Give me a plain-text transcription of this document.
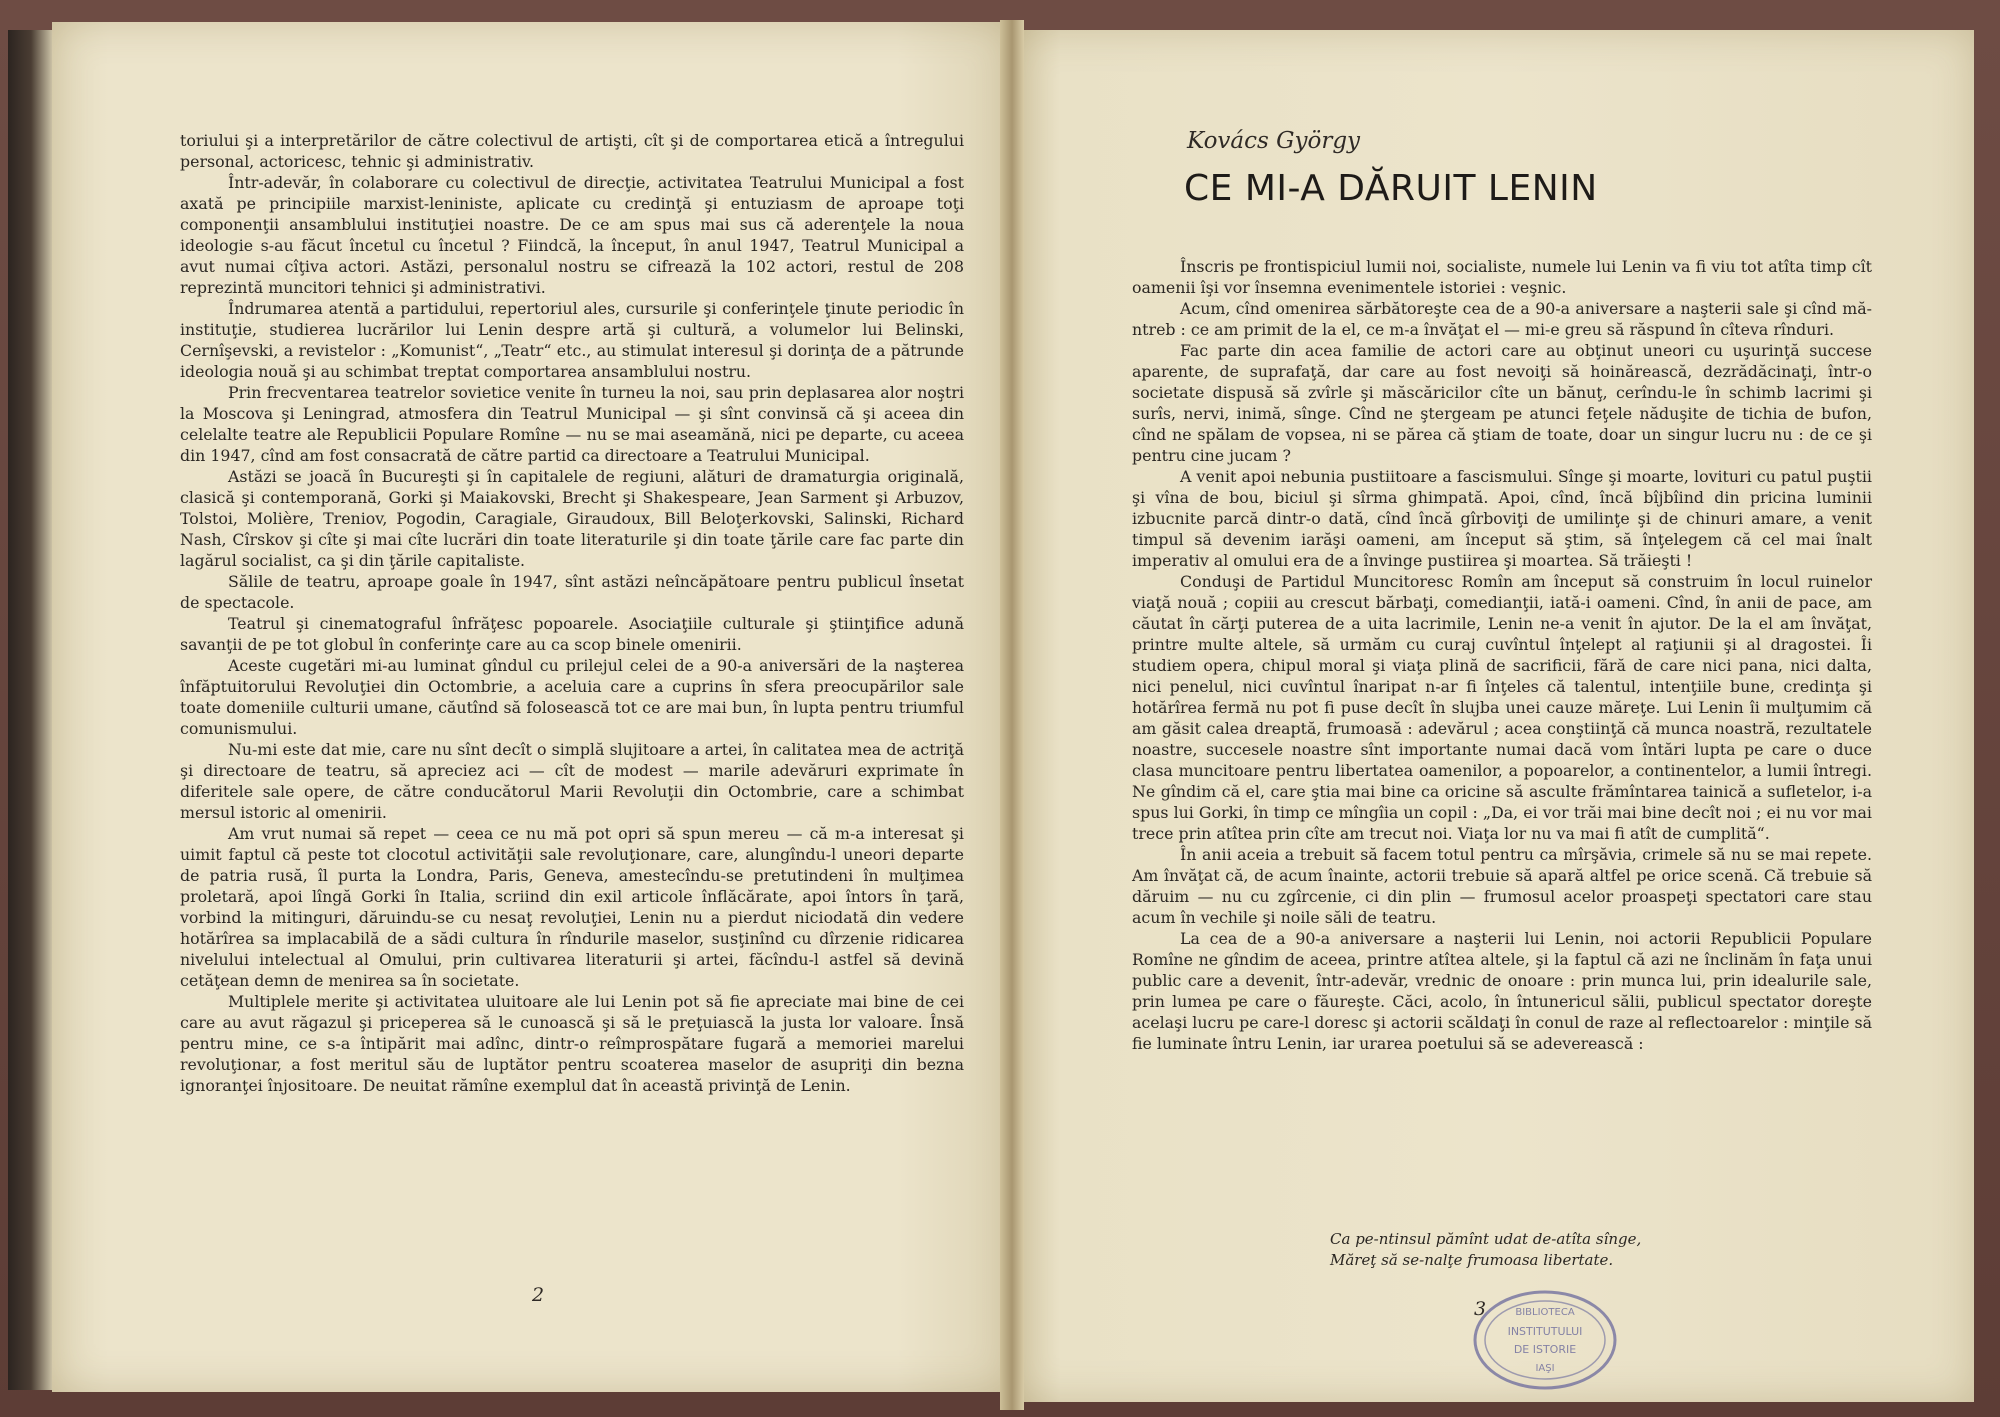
toriului şi a interpretărilor de către colectivul de artişti, cît şi de comportarea etică a întregului personal, actoricesc, tehnic şi administrativ.

Într-adevăr, în colaborare cu colectivul de direcţie, activitatea Teatrului Municipal a fost axată pe principiile marxist-leniniste, aplicate cu credinţă şi entuziasm de aproape toţi componenţii ansamblului instituţiei noastre. De ce am spus mai sus că aderenţele la noua ideologie s-au făcut încetul cu încetul ? Fiindcă, la început, în anul 1947, Teatrul Municipal a avut numai cîţiva actori. Astăzi, personalul nostru se cifrează la 102 actori, restul de 208 reprezintă muncitori tehnici şi administrativi.

Îndrumarea atentă a partidului, repertoriul ales, cursurile şi conferinţele ţinute periodic în instituţie, studierea lucrărilor lui Lenin despre artă şi cultură, a volumelor lui Belinski, Cernîşevski, a revistelor : „Komunist“, „Teatr“ etc., au stimulat interesul şi dorinţa de a pătrunde ideologia nouă şi au schimbat treptat comportarea ansamblului nostru.

Prin frecventarea teatrelor sovietice venite în turneu la noi, sau prin deplasarea alor noştri la Moscova şi Leningrad, atmosfera din Teatrul Municipal — şi sînt convinsă că şi aceea din celelalte teatre ale Republicii Populare Romîne — nu se mai aseamănă, nici pe departe, cu aceea din 1947, cînd am fost consacrată de către partid ca directoare a Teatrului Municipal.

Astăzi se joacă în Bucureşti şi în capitalele de regiuni, alături de dramaturgia originală, clasică şi contemporană, Gorki şi Maiakovski, Brecht şi Shakespeare, Jean Sarment şi Arbuzov, Tolstoi, Molière, Treniov, Pogodin, Caragiale, Giraudoux, Bill Beloţerkovski, Salinski, Richard Nash, Cîrskov şi cîte şi mai cîte lucrări din toate literaturile şi din toate ţările care fac parte din lagărul socialist, ca şi din ţările capitaliste.

Sălile de teatru, aproape goale în 1947, sînt astăzi neîncăpătoare pentru publicul însetat de spectacole.

Teatrul şi cinematograful înfrăţesc popoarele. Asociaţiile culturale şi ştiinţifice adună savanţii de pe tot globul în conferinţe care au ca scop binele omenirii.

Aceste cugetări mi-au luminat gîndul cu prilejul celei de a 90-a aniversări de la naşterea înfăptuitorului Revoluţiei din Octombrie, a aceluia care a cuprins în sfera preocupărilor sale toate domeniile culturii umane, căutînd să folosească tot ce are mai bun, în lupta pentru triumful comunismului.

Nu-mi este dat mie, care nu sînt decît o simplă slujitoare a artei, în calitatea mea de actriţă şi directoare de teatru, să apreciez aci — cît de modest — marile adevăruri exprimate în diferitele sale opere, de către conducătorul Marii Revoluţii din Octombrie, care a schimbat mersul istoric al omenirii.

Am vrut numai să repet — ceea ce nu mă pot opri să spun mereu — că m-a interesat şi uimit faptul că peste tot clocotul activităţii sale revoluţionare, care, alungîndu-l uneori departe de patria rusă, îl purta la Londra, Paris, Geneva, amestecîndu-se pretutindeni în mulţimea proletară, apoi lîngă Gorki în Italia, scriind din exil articole înflăcărate, apoi întors în ţară, vorbind la mitinguri, dăruindu-se cu nesaţ revoluţiei, Lenin nu a pierdut niciodată din vedere hotărîrea sa implacabilă de a sădi cultura în rîndurile maselor, susţinînd cu dîrzenie ridicarea nivelului intelectual al Omului, prin cultivarea literaturii şi artei, făcîndu-l astfel să devină cetăţean demn de menirea sa în societate.

Multiplele merite şi activitatea uluitoare ale lui Lenin pot să fie apreciate mai bine de cei care au avut răgazul şi priceperea să le cunoască şi să le preţuiască la justa lor valoare. Însă pentru mine, ce s-a întipărit mai adînc, dintr-o reîmprospătare fugară a memoriei marelui revoluţionar, a fost meritul său de luptător pentru scoaterea maselor de asupriţi din bezna ignoranţei înjositoare. De neuitat rămîne exemplul dat în această privinţă de Lenin.

2
Kovács György
CE MI-A DĂRUIT LENIN

Înscris pe frontispiciul lumii noi, socialiste, numele lui Lenin va fi viu tot atîta timp cît oamenii îşi vor însemna evenimentele istoriei : veşnic.

Acum, cînd omenirea sărbătoreşte cea de a 90-a aniversare a naşterii sale şi cînd mă-ntreb : ce am primit de la el, ce m-a învăţat el — mi-e greu să răspund în cîteva rînduri.

Fac parte din acea familie de actori care au obţinut uneori cu uşurinţă succese aparente, de suprafaţă, dar care au fost nevoiţi să hoinărească, dezrădăcinaţi, într-o societate dispusă să zvîrle şi măscăricilor cîte un bănuţ, cerîndu-le în schimb lacrimi şi surîs, nervi, inimă, sînge. Cînd ne ştergeam pe atunci feţele năduşite de tichia de bufon, cînd ne spălam de vopsea, ni se părea că ştiam de toate, doar un singur lucru nu : de ce şi pentru cine jucam ?

A venit apoi nebunia pustiitoare a fascismului. Sînge şi moarte, lovituri cu patul puştii şi vîna de bou, biciul şi sîrma ghimpată. Apoi, cînd, încă bîjbîind din pricina luminii izbucnite parcă dintr-o dată, cînd încă gîrboviţi de umilinţe şi de chinuri amare, a venit timpul să devenim iarăşi oameni, am început să ştim, să înţelegem că cel mai înalt imperativ al omului era de a învinge pustiirea şi moartea. Să trăieşti !

Conduşi de Partidul Muncitoresc Romîn am început să construim în locul ruinelor viaţă nouă ; copiii au crescut bărbaţi, comedianţii, iată-i oameni. Cînd, în anii de pace, am căutat în cărţi puterea de a uita lacrimile, Lenin ne-a venit în ajutor. De la el am învăţat, printre multe altele, să urmăm cu curaj cuvîntul înţelept al raţiunii şi al dragostei. Îi studiem opera, chipul moral şi viaţa plină de sacrificii, fără de care nici pana, nici dalta, nici penelul, nici cuvîntul înaripat n-ar fi înţeles că talentul, intenţiile bune, credinţa şi hotărîrea fermă nu pot fi puse decît în slujba unei cauze măreţe. Lui Lenin îi mulţumim că am găsit calea dreaptă, frumoasă : adevărul ; acea conştiinţă că munca noastră, rezultatele noastre, succesele noastre sînt importante numai dacă vom întări lupta pe care o duce clasa muncitoare pentru libertatea oamenilor, a popoarelor, a continentelor, a lumii întregi. Ne gîndim că el, care ştia mai bine ca oricine să asculte frămîntarea tainică a sufletelor, i-a spus lui Gorki, în timp ce mîngîia un copil : „Da, ei vor trăi mai bine decît noi ; ei nu vor mai trece prin atîtea prin cîte am trecut noi. Viaţa lor nu va mai fi atît de cumplită“.

În anii aceia a trebuit să facem totul pentru ca mîrşăvia, crimele să nu se mai repete. Am învăţat că, de acum înainte, actorii trebuie să apară altfel pe orice scenă. Că trebuie să dăruim — nu cu zgîrcenie, ci din plin — frumosul acelor proaspeţi spectatori care stau acum în vechile şi noile săli de teatru.

La cea de a 90-a aniversare a naşterii lui Lenin, noi actorii Republicii Populare Romîne ne gîndim de aceea, printre atîtea altele, şi la faptul că azi ne înclinăm în faţa unui public care a devenit, într-adevăr, vrednic de onoare : prin munca lui, prin idealurile sale, prin lumea pe care o făureşte. Căci, acolo, în întunericul sălii, publicul spectator doreşte acelaşi lucru pe care-l doresc şi actorii scăldaţi în conul de raze al reflectoarelor : minţile să fie luminate întru Lenin, iar urarea poetului să se adeverească :

Ca pe-ntinsul pămînt udat de-atîta sînge,
Măreţ să se-nalţe frumoasa libertate.
3	BIBLIOTECA
INSTITUTULUI
DE ISTORIE
IAŞI
